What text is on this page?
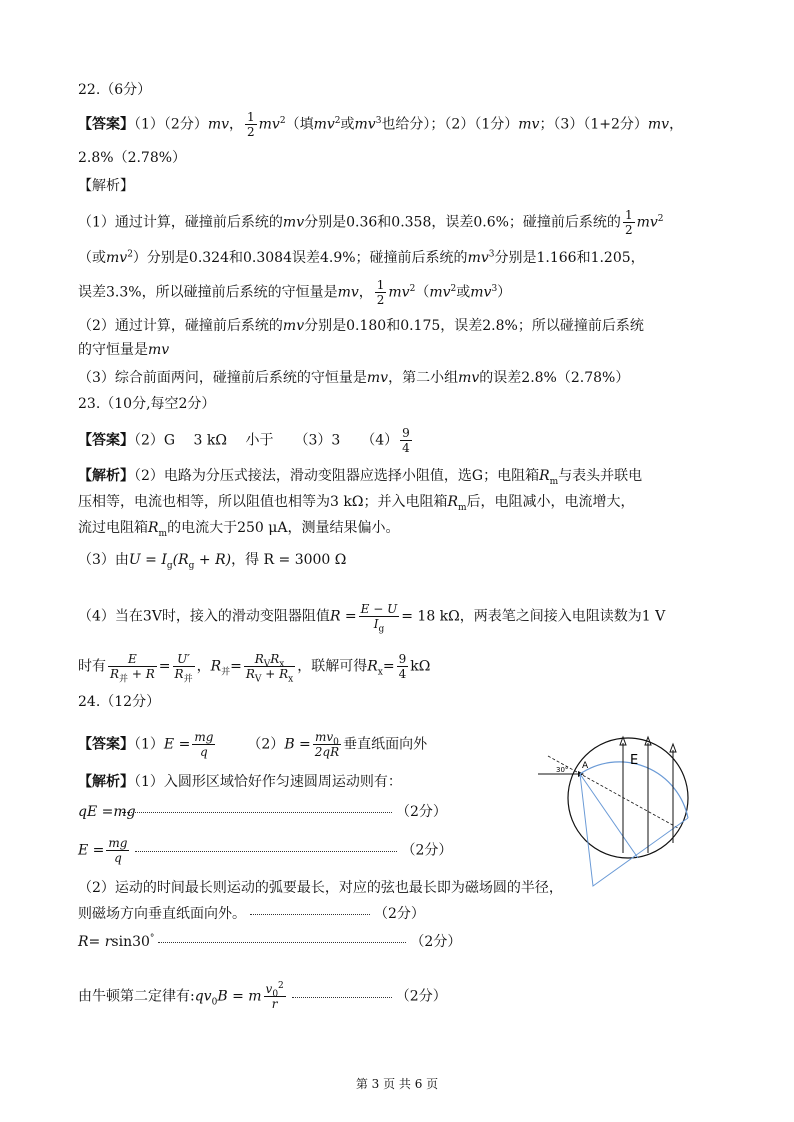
22.（6分）
【答案】（1）（2分）mv， $\frac{1}{2} mv^2$（填$mv^2$或$mv^3$也给分）；（2）（1分）mv；（3）（1+2分）mv，
2.8%（2.78%）
【解析】
（1）通过计算，碰撞前后系统的mv分别是0.36和0.358，误差0.6%；碰撞前后系统的 $\frac{1}{2} mv^2$
（或$mv^2$）分别是0.324和0.3084误差4.9%；碰撞前后系统的$mv^3$分别是1.166和1.205，
误差3.3%，所以碰撞前后系统的守恒量是mv， $\frac{1}{2} mv^2(mv^2$或$mv^3$）
（2）通过计算，碰撞前后系统的mv分别是0.180和0.175，误差2.8%；所以碰撞前后系统
的守恒量是mv
（3）综合前面两问，碰撞前后系统的守恒量是mv，第二小组mv的误差2.8%（2.78%）
23.（10分,每空2分）
【答案】（2）G　 3 kΩ　 小于　　（3）3　　$(4) \frac{9}{4}$
【解析】（2）电路为分压式接法，滑动变阻器应选择小阻值，选G；电阻箱$R_m$与表头并联电
压相等，电流也相等，所以阻值也相等为3 kΩ；并入电阻箱$R_m$后，电阻减小，电流增大，
流过电阻箱$R_m$的电流大于250 μA，测量结果偏小。
（3）由$U = I_g(R_g + R)$，得 R = 3000 Ω
（4）当在3V时，接入的滑动变阻器阻值$R = \frac{E - U}{I_g} = 18$ kΩ，两表笔之间接入电阻读数为1 V
时有 $\frac{E}{R_并 + R} = \frac{U'}{R_并}$ ，$R_并= \frac{R_VR_x}{R_V + R_x}$ ，联解可得$R_x= \frac{9}{4}$ kΩ
24.（12分）
【答案】$(1)E = \frac{mg}{q} (2)B = \frac{mv_0}{2qR}$ 垂直纸面向外
【解析】（1）入圆形区域恰好作匀速圆周运动则有：
qE =mg	（2分）
$E = \frac{mg}{q}$	（2分）
（2）运动的时间最长则运动的弧要最长，对应的弦也最长即为磁场圆的半径，
则磁场方向垂直纸面向外。	（2分）
R= rsin30°	（2分）
由牛顿第二定律有$:qv_0B = m \frac{v_0^2}{r}$	（2分）
30° A	E
第 3 页 共 6 页
